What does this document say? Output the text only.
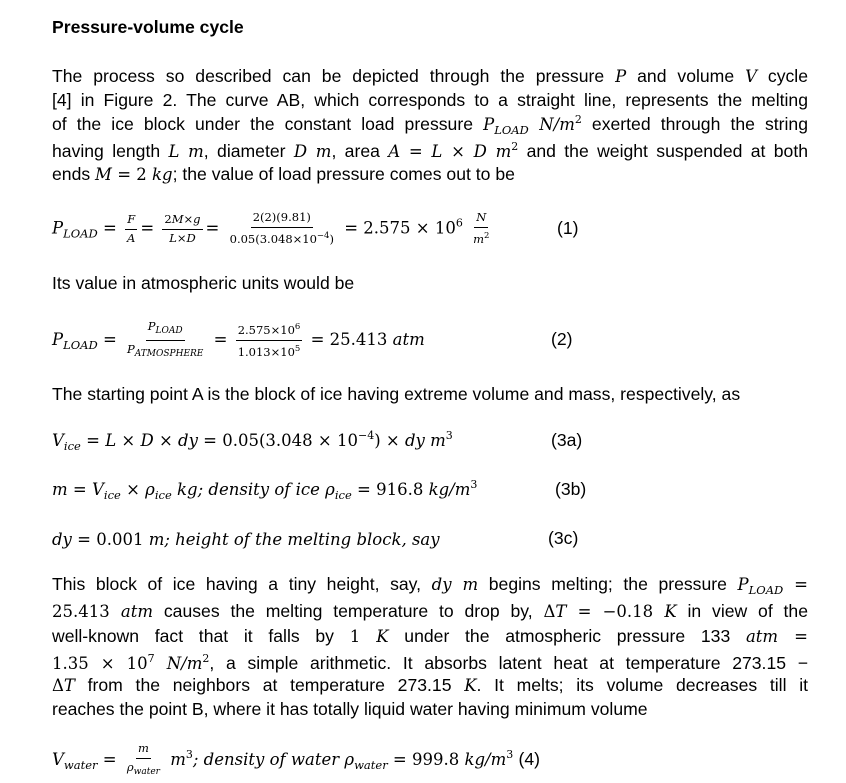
Pressure-volume cycle
The process so described can be depicted through the pressure P and volume V cycle
[4] in Figure 2. The curve AB, which corresponds to a straight line, represents the melting
of the ice block under the constant load pressure $P_{LOAD}$ $N/m^2$ exerted through the string
having length L m, diameter D m, area A = L × D $m^2$ and the weight suspended at both
ends M = 2 kg; the value of load pressure comes out to be
$P_{LOAD} = \frac{F}{A} = \frac{2M\times g}{L\times D} = \frac{2(2)(9.81)}{0.05(3.048\times 10^{-4})} = 2.575 \times 10^6 \frac{N}{m^2}$	(1)
Its value in atmospheric units would be
$P_{LOAD} = \frac{P_{LOAD}}{P_{ATMOSPHERE}} = \frac{2.575\times 10^6}{1.013\times 10^5} = 25.413$ atm	(2)
The starting point A is the block of ice having extreme volume and mass, respectively, as
$V_{ice} = L \times D$ × dy = $0.05(3.048 \times 10^{-4})$ × dy $m^3$	(3a)
$m = V_{ice} \times \rho_{ice}$ kg; density of ice $\rho_{ice} = 916.8$ $kg/m^3$	(3b)
dy = 0.001 m; height of the melting block, say	(3c)
This block of ice having a tiny height, say, dy m begins melting; the pressure $P_{LOAD}$ =
25.413 atm causes the melting temperature to drop by, ΔT = −0.18 K in view of the
well-known fact that it falls by 1 K under the atmospheric pressure 133 atm =
$1.35 \times 10^7$ $N/m^2$, a simple arithmetic. It absorbs latent heat at temperature 273.15 −
ΔT from the neighbors at temperature 273.15 K. It melts; its volume decreases till it
reaches the point B, where it has totally liquid water having minimum volume
$V_{water} = \frac{m}{\rho_{water}} m^3$; density of water $\rho_{water} = 999.8$ $kg/m^3$ (4)
